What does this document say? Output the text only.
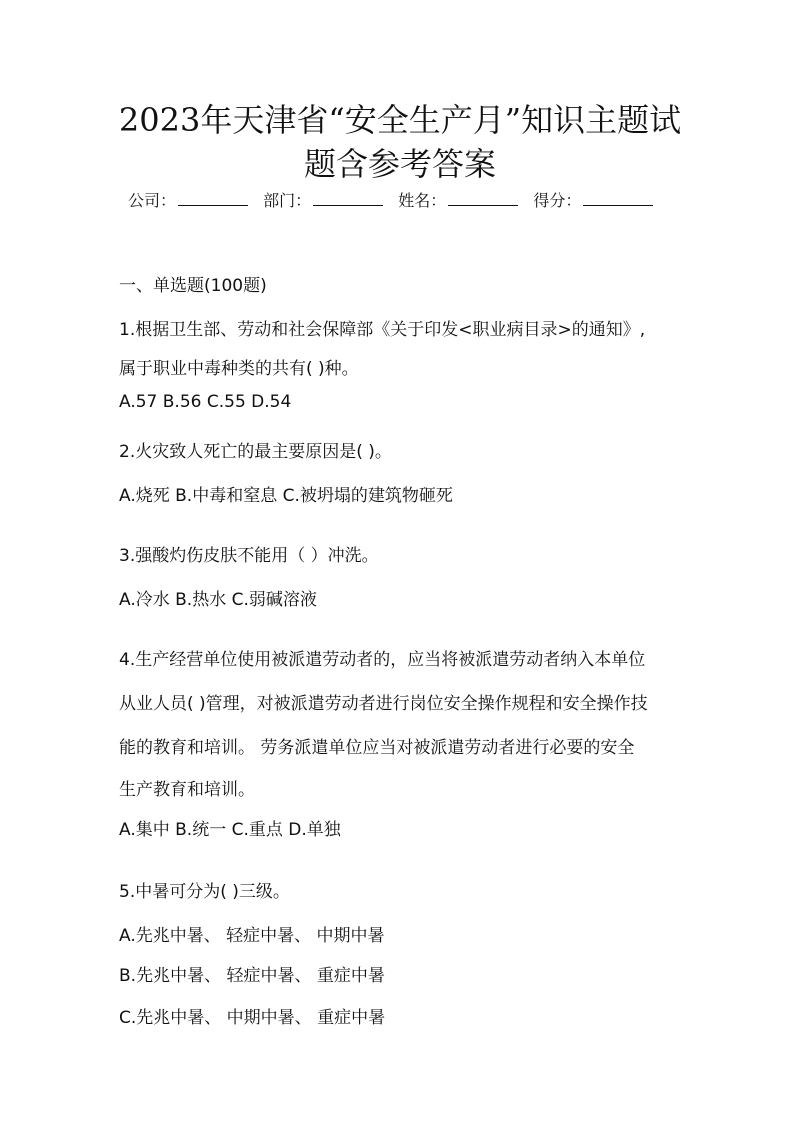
2023年天津省“安全生产月”知识主题试
题含参考答案
公司：	部门：	姓名：	得分：
一、单选题(100题)
1.根据卫生部、劳动和社会保障部《关于印发<职业病目录>的通知》,
属于职业中毒种类的共有( )种。
A.57 B.56 C.55 D.54
2.火灾致人死亡的最主要原因是( )。
A.烧死 B.中毒和窒息 C.被坍塌的建筑物砸死
3.强酸灼伤皮肤不能用（ ）冲洗。
A.冷水 B.热水 C.弱碱溶液
4.生产经营单位使用被派遣劳动者的，应当将被派遣劳动者纳入本单位
从业人员( )管理，对被派遣劳动者进行岗位安全操作规程和安全操作技
能的教育和培训。 劳务派遣单位应当对被派遣劳动者进行必要的安全
生产教育和培训。
A.集中 B.统一 C.重点 D.单独
5.中暑可分为( )三级。
A.先兆中暑、 轻症中暑、 中期中暑
B.先兆中暑、 轻症中暑、 重症中暑
C.先兆中暑、 中期中暑、 重症中暑
